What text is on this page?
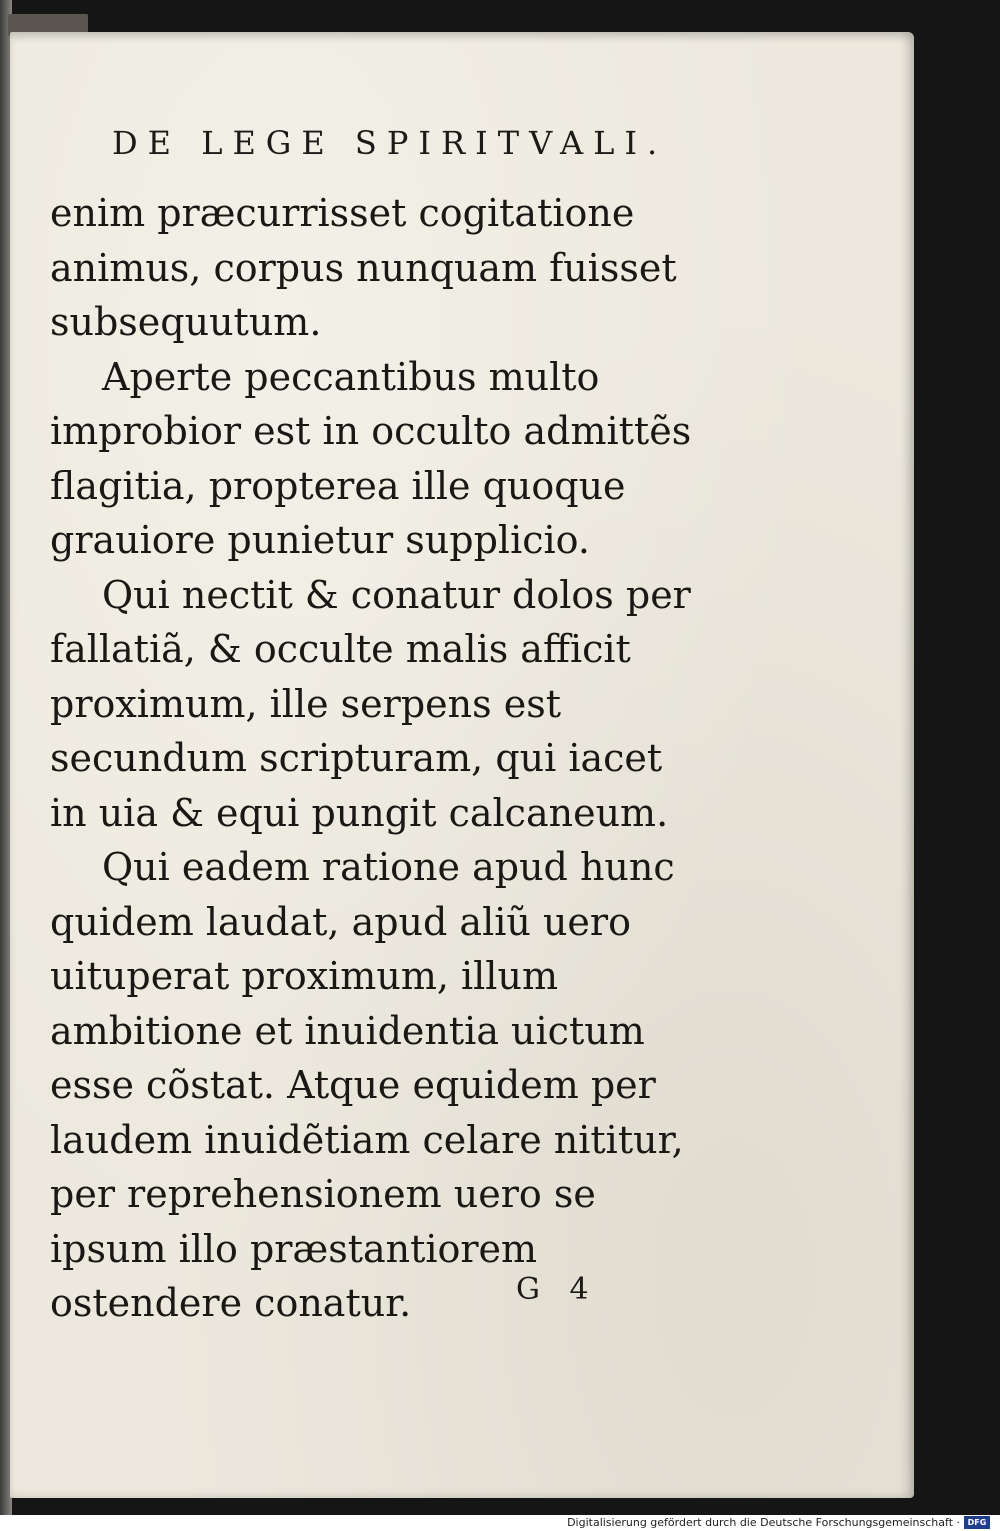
DE LEGE SPIRITVALI.

enim præcurrisset cogitatione animus, corpus nunquam fuisset subsequutum.

Aperte peccantibus multo improbior est in occulto admittẽs flagitia, propterea ille quoque grauiore punietur supplicio.

Qui nectit & conatur dolos per fallatiã, & occulte malis afficit proximum, ille serpens est secundum scripturam, qui iacet in uia & equi pungit calcaneum.

Qui eadem ratione apud hunc quidem laudat, apud aliũ uero uituperat proximum, illum ambitione et inuidentia uictum esse cõstat. Atque equidem per laudem inuidẽtiam celare nititur, per reprehensionem uero se ipsum illo præstantiorem ostendere conatur.	G 4
Digitalisierung gefördert durch die Deutsche Forschungsgemeinschaft · DFG
